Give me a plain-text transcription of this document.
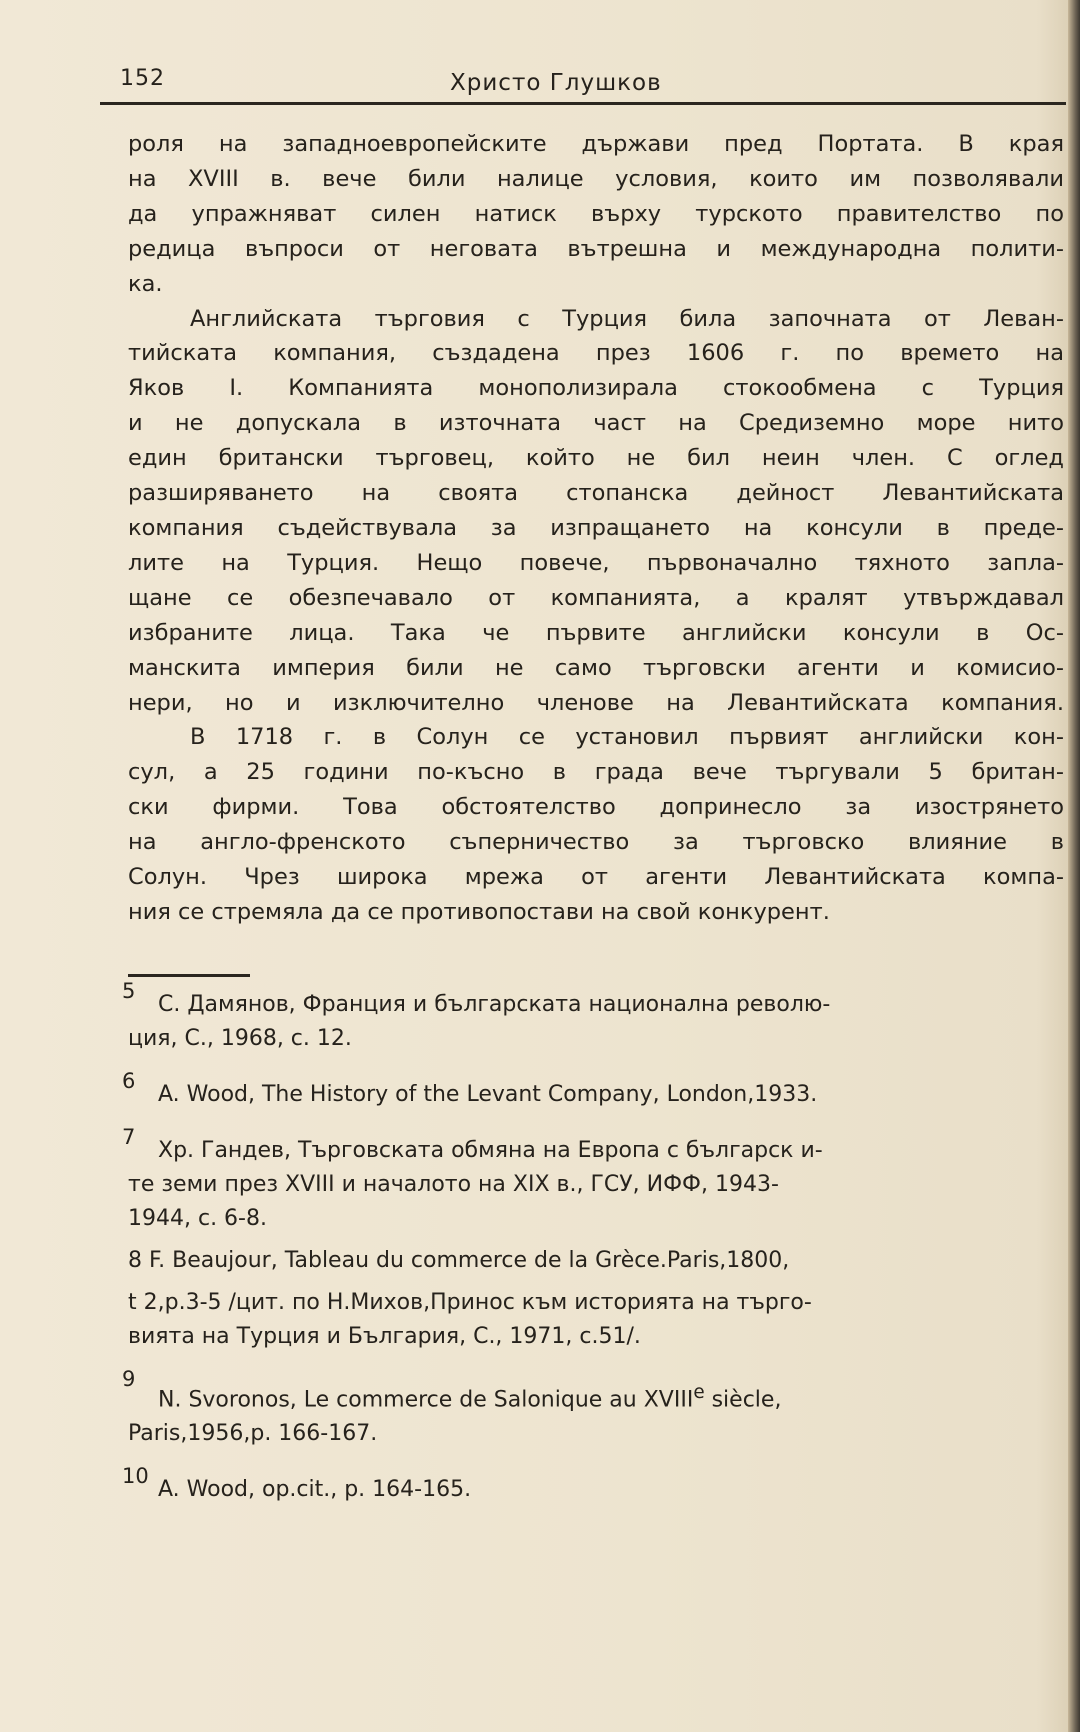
152	Христо Глушков
роля на западноевропейските държави пред Портата. В края
на XVIII в. вече били налице условия, които им позволявали
да упражняват силен натиск върху турското правителство по
редица въпроси от неговата вътрешна и международна полити-
ка.
Английската търговия с Турция била започната от Леван-
тийската компания, създадена през 1606 г. по времето на
Яков I. Компанията монополизирала стокообмена с Турция
и не допускала в източната част на Средиземно море нито
един британски търговец, който не бил неин член. С оглед
разширяването на своята стопанска дейност Левантийската
компания съдействувала за изпращането на консули в преде-
лите на Турция. Нещо повече, първоначално тяхното запла-
щане се обезпечавало от компанията, а кралят утвърждавал
избраните лица. Така че първите английски консули в Ос-
манскита империя били не само търговски агенти и комисио-
нери, но и изключително членове на Левантийската компания.
В 1718 г. в Солун се установил първият английски кон-
сул, а 25 години по-късно в града вече търгували 5 британ-
ски фирми. Това обстоятелство допринесло за изострянето
на англо-френското съперничество за търговско влияние в
Солун. Чрез широка мрежа от агенти Левантийската компа-
ния се стремяла да се противопостави на свой конкурент.
5
С. Дамянов, Франция и българската национална револю-
ция, С., 1968, с. 12.
6
A. Wood, The History of the Levant Company, London,1933.
7
Хр. Гандев, Търговската обмяна на Европа с българск и-
те земи през XVIII и началото на XIX в., ГСУ, ИФФ, 1943-
1944, с. 6-8.
8 F. Beaujour, Tableau du commerce de la Grèce.Paris,1800,
t 2,p.3-5 /цит. по Н.Михов,Принос към историята на търго-
вията на Турция и България, С., 1971, с.51/.
9
N. Svoronos, Le commerce de Salonique au XVIIIe siècle,
Paris,1956,p. 166-167.
10
A. Wood, op.cit., p. 164-165.
